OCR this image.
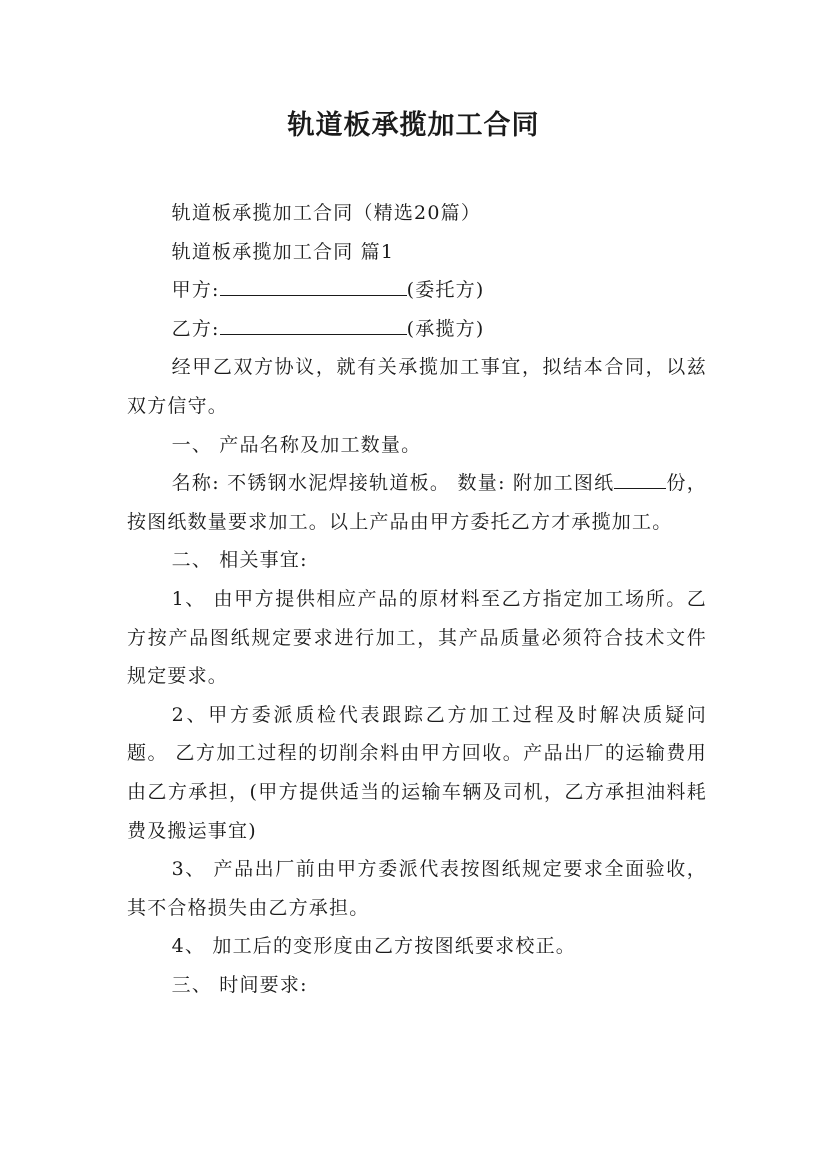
轨道板承揽加工合同

轨道板承揽加工合同（精选20篇）

轨道板承揽加工合同 篇1

甲方:	(委托方)

乙方:	(承揽方)

经甲乙双方协议，就有关承揽加工事宜，拟结本合同，以兹双方信守。

一、 产品名称及加工数量。

名称: 不锈钢水泥焊接轨道板。 数量: 附加工图纸	份，按图纸数量要求加工。以上产品由甲方委托乙方才承揽加工。

二、 相关事宜:

1、 由甲方提供相应产品的原材料至乙方指定加工场所。乙方按产品图纸规定要求进行加工，其产品质量必须符合技术文件规定要求。

2、甲方委派质检代表跟踪乙方加工过程及时解决质疑问题。 乙方加工过程的切削余料由甲方回收。产品出厂的运输费用由乙方承担，(甲方提供适当的运输车辆及司机，乙方承担油料耗费及搬运事宜)

3、 产品出厂前由甲方委派代表按图纸规定要求全面验收，其不合格损失由乙方承担。

4、 加工后的变形度由乙方按图纸要求校正。

三、 时间要求:
